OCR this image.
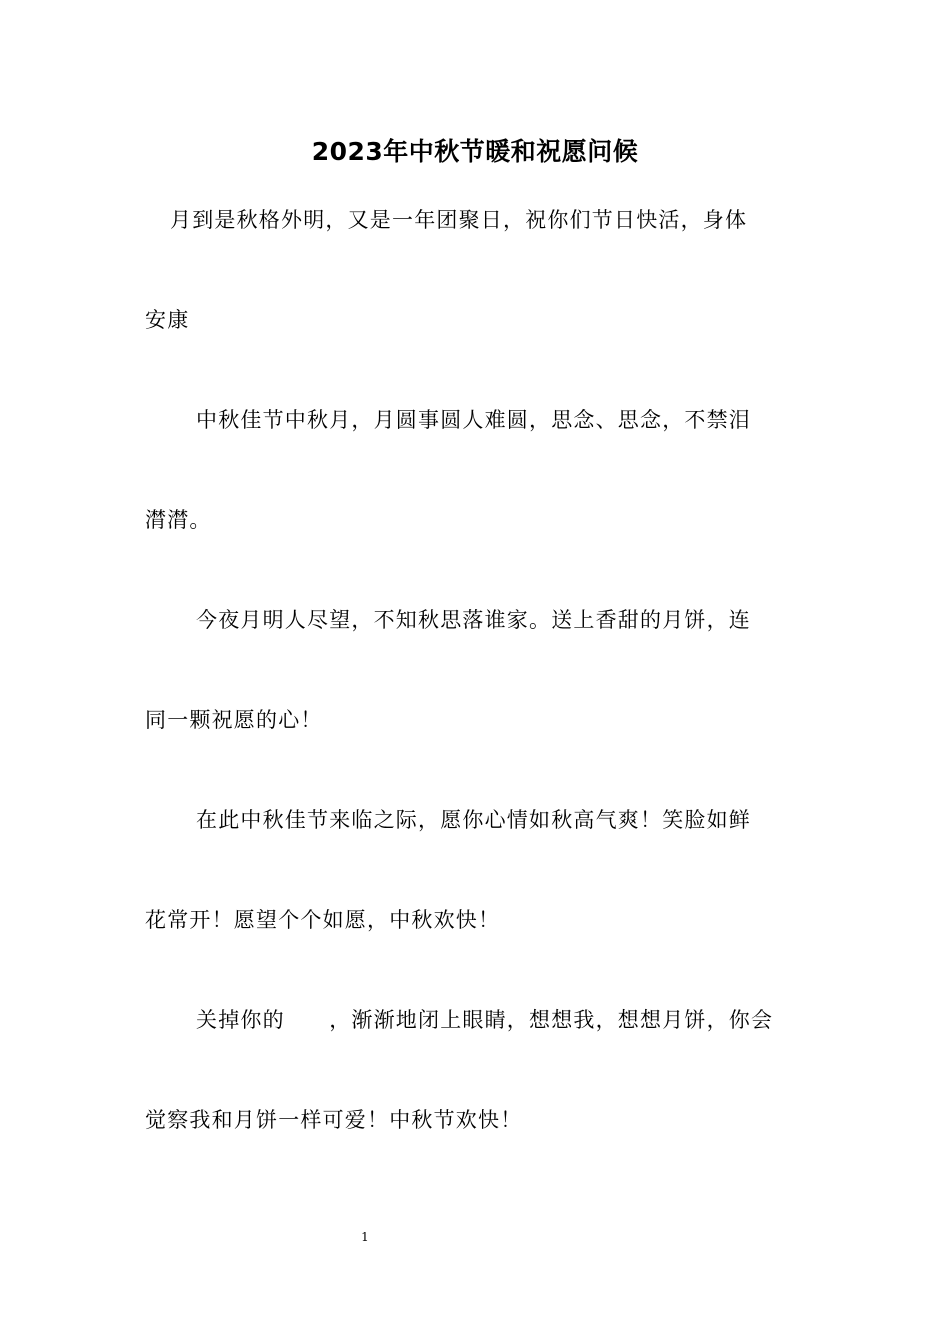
2023年中秋节暖和祝愿问候
月到是秋格外明，又是一年团聚日，祝你们节日快活，身体
安康
中秋佳节中秋月，月圆事圆人难圆，思念、思念，不禁泪
潸潸。
今夜月明人尽望，不知秋思落谁家。送上香甜的月饼，连
同一颗祝愿的心！
在此中秋佳节来临之际，愿你心情如秋高气爽！笑脸如鲜
花常开！愿望个个如愿，中秋欢快！
关掉你的　　，渐渐地闭上眼睛，想想我，想想月饼，你会
觉察我和月饼一样可爱！中秋节欢快！
1
